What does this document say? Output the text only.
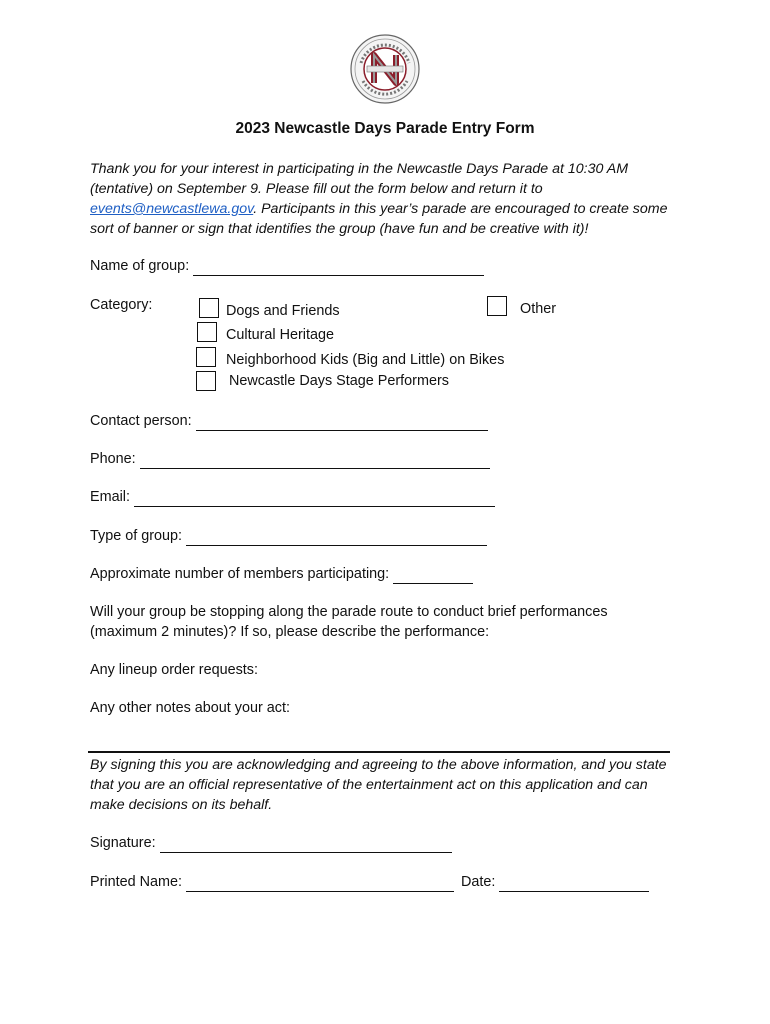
2023 Newcastle Days Parade Entry Form
Thank you for your interest in participating in the Newcastle Days Parade at 10:30 AM (tentative) on September 9. Please fill out the form below and return it to events@newcastlewa.gov. Participants in this year’s parade are encouraged to create some sort of banner or sign that identifies the group (have fun and be creative with it)!
Name of group:
Category:	Dogs and Friends
Cultural Heritage
Neighborhood Kids (Big and Little) on Bikes
Newcastle Days Stage Performers
Other
Contact person:
Phone:
Email:
Type of group:
Approximate number of members participating:
Will your group be stopping along the parade route to conduct brief performances (maximum 2 minutes)? If so, please describe the performance:
Any lineup order requests:
Any other notes about your act:
By signing this you are acknowledging and agreeing to the above information, and you state that you are an official representative of the entertainment act on this application and can make decisions on its behalf.
Signature:
Printed Name:	Date:
